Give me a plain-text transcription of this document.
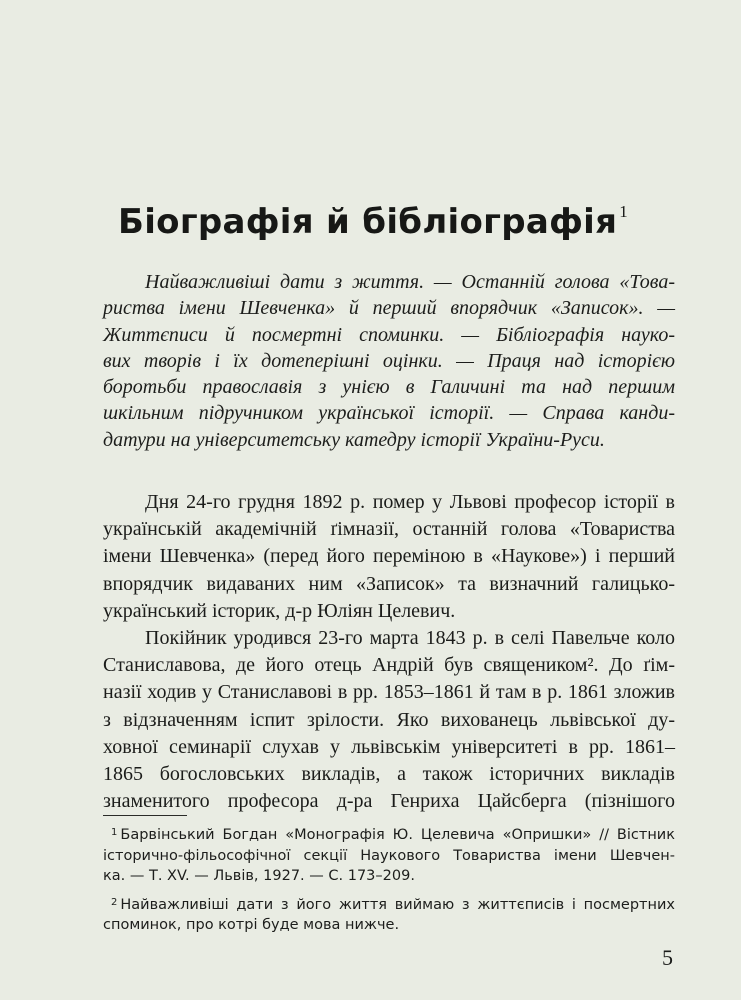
Біографія й бібліографія $^1$
Найважливіші дати з життя. — Останній голова «Това-
риства імени Шевченка» й перший впорядчик «Записок». —
Життєписи й посмертні споминки. — Бібліографія науко-
вих творів і їх дотеперішні оцінки. — Праця над історією
боротьби православія з унією в Галичині та над першим
шкільним підручником української історії. — Справа канди-
датури на університетську катедру історії України-Руси.
Дня 24-го грудня 1892 р. помер у Львові професор історії в
українській академічній ґімназії, останній голова «Товариства
імени Шевченка» (перед його переміною в «Наукове») і перший
впорядчик видаваних ним «Записок» та визначний галицько-
український історик, д-р Юліян Целевич.
Покійник уродився 23-го марта 1843 р. в селі Павельче коло
Станиславова, де його отець Андрій був священиком². До ґім-
назії ходив у Станиславові в рр. 1853–1861 й там в р. 1861 зложив
з відзначенням іспит зрілости. Яко вихованець львівської ду-
ховної семинарії слухав у львівськім університеті в рр. 1861–
1865 богословських викладів, а також історичних викладів
знаменитого професора д-ра Генриха Цайсберга (пізнішого
$^1$ Барвінський Богдан «Монографія Ю. Целевича «Опришки» // Вістник
історично-фільософічної секції Наукового Товариства імени Шевчен-
ка. — Т. XV. — Львів, 1927. — С. 173–209.
$^2$ Найважливіші дати з його життя виймаю з життєписів і посмертних
споминок, про котрі буде мова нижче.
5
